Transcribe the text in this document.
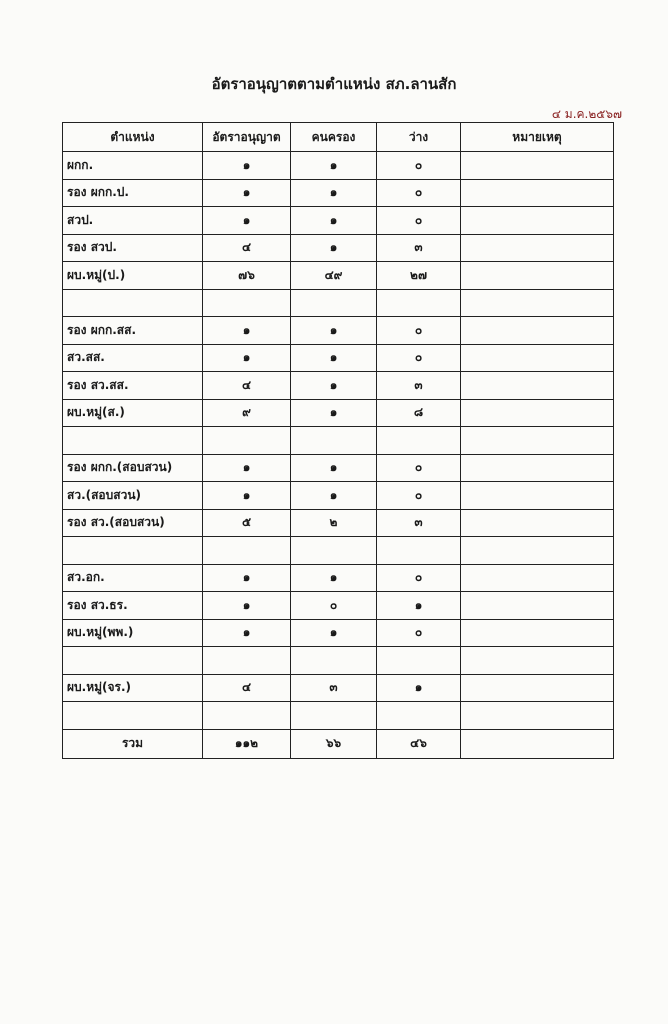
อัตราอนุญาตตามตำแหน่ง สภ.ลานสัก
๔ ม.ค.๒๕๖๗
ตำแหน่ง	อัตราอนุญาต	คนครอง	ว่าง	หมายเหตุ
ผกก.	๑	๑	๐	
รอง ผกก.ป.	๑	๑	๐	
สวป.	๑	๑	๐	
รอง สวป.	๔	๑	๓	
ผบ.หมู่(ป.)	๗๖	๔๙	๒๗	

รอง ผกก.สส.	๑	๑	๐	
สว.สส.	๑	๑	๐	
รอง สว.สส.	๔	๑	๓	
ผบ.หมู่(ส.)	๙	๑	๘	

รอง ผกก.(สอบสวน)	๑	๑	๐	
สว.(สอบสวน)	๑	๑	๐	
รอง สว.(สอบสวน)	๕	๒	๓	

สว.อก.	๑	๑	๐	
รอง สว.ธร.	๑	๐	๑	
ผบ.หมู่(พพ.)	๑	๑	๐	

ผบ.หมู่(จร.)	๔	๓	๑	

รวม	๑๑๒	๖๖	๔๖	
